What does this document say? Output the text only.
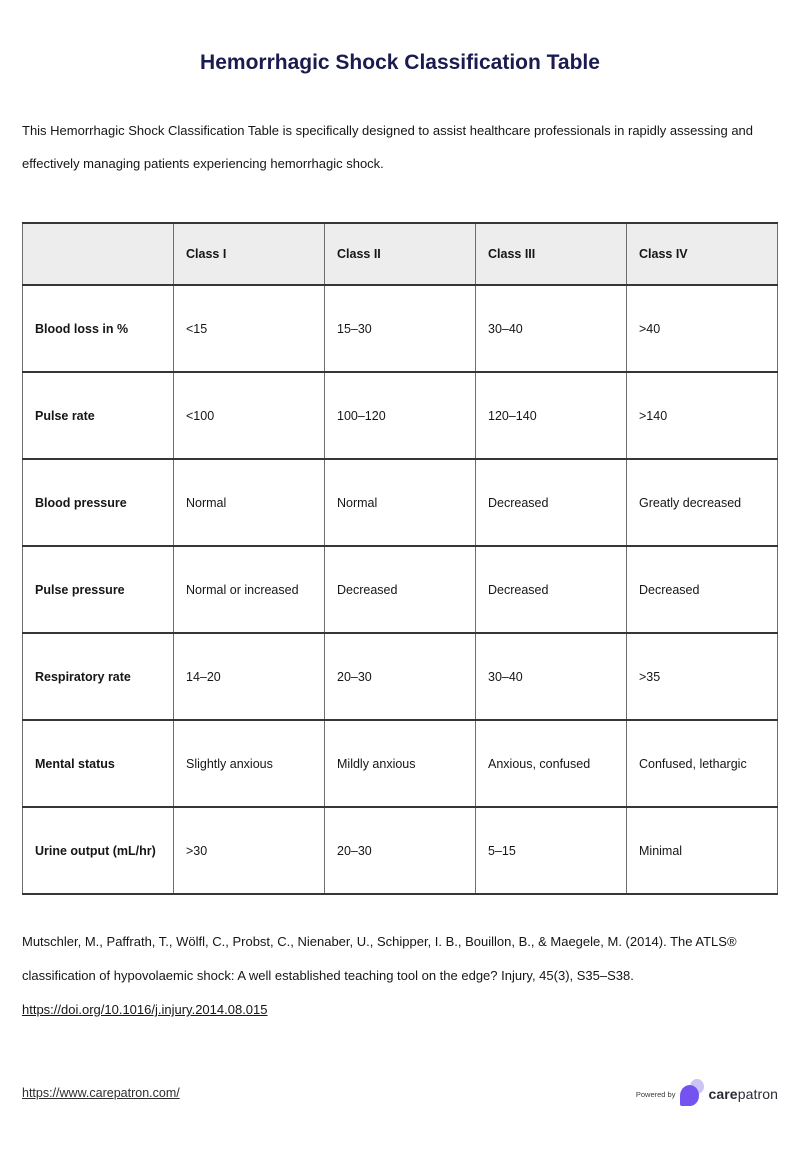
Hemorrhagic Shock Classification Table

This Hemorrhagic Shock Classification Table is specifically designed to assist healthcare professionals in rapidly assessing and effectively managing patients experiencing hemorrhagic shock.

	Class I	Class II	Class III	Class IV
Blood loss in %	<15	15–30	30–40	>40
Pulse rate	<100	100–120	120–140	>140
Blood pressure	Normal	Normal	Decreased	Greatly decreased
Pulse pressure	Normal or increased	Decreased	Decreased	Decreased
Respiratory rate	14–20	20–30	30–40	>35
Mental status	Slightly anxious	Mildly anxious	Anxious, confused	Confused, lethargic
Urine output (mL/hr)	>30	20–30	5–15	Minimal

Mutschler, M., Paffrath, T., Wölfl, C., Probst, C., Nienaber, U., Schipper, I. B., Bouillon, B., & Maegele, M. (2014). The ATLS® classification of hypovolaemic shock: A well established teaching tool on the edge? Injury, 45(3), S35–S38. https://doi.org/10.1016/j.injury.2014.08.015

https://www.carepatron.com/	Powered by carepatron
